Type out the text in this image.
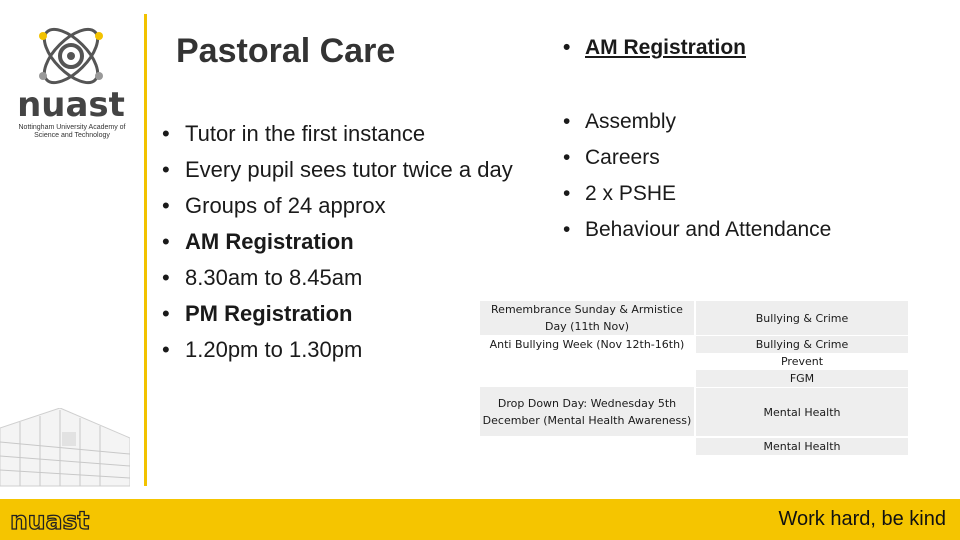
nuast
Nottingham University Academy of Science and Technology
Pastoral Care
• Tutor in the first instance
• Every pupil sees tutor twice a day
• Groups of 24 approx
• AM Registration
• 8.30am to 8.45am
• PM Registration
• 1.20pm to 1.30pm
• AM Registration
• Assembly
• Careers
• 2 x PSHE
• Behaviour and Attendance
Remembrance Sunday & Armistice Day (11th Nov)
Anti Bullying Week (Nov 12th-16th)
Drop Down Day: Wednesday 5th December (Mental Health Awareness)
Bullying & Crime
Bullying & Crime
Prevent
FGM
Mental Health
Mental Health
nuast	Work hard, be kind
